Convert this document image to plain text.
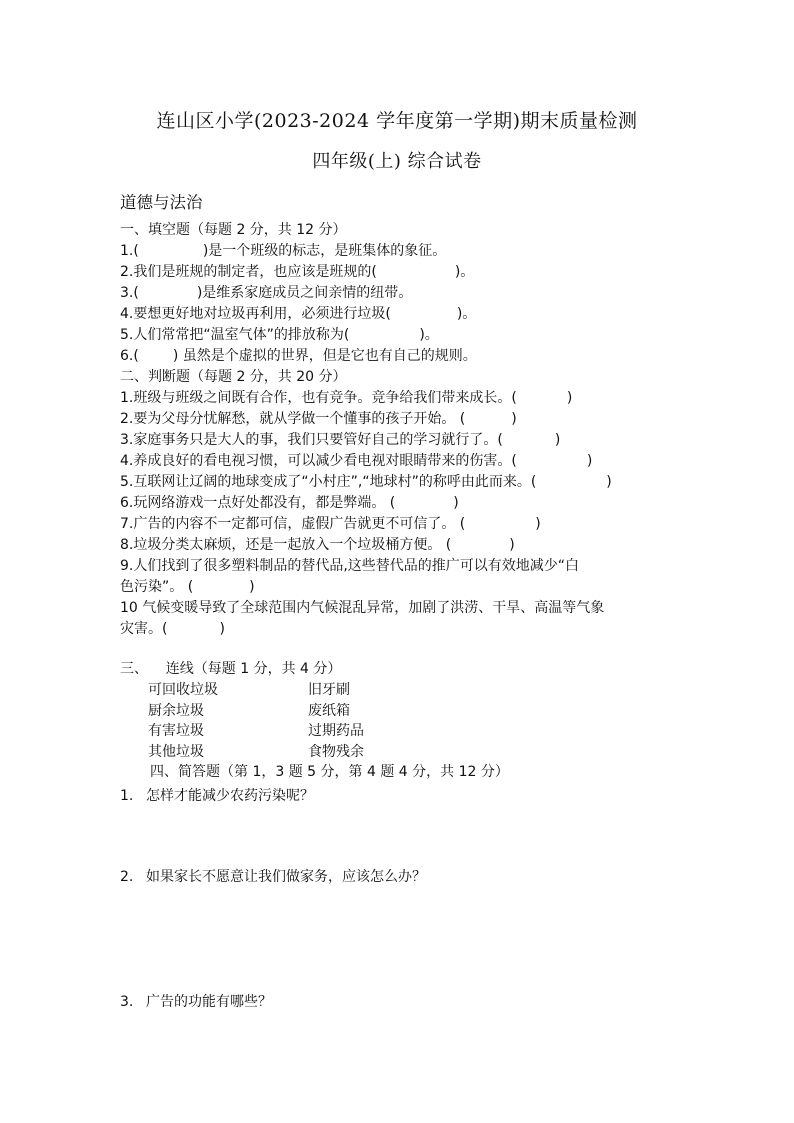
连山区小学(2023-2024 学年度第一学期)期末质量检测
四年级(上) 综合试卷
道德与法治
一、填空题（每题 2 分，共 12 分）
1.(	)是一个班级的标志，是班集体的象征。
2.我们是班规的制定者，也应该是班规的(	)。
3.(	)是维系家庭成员之间亲情的纽带。
4.要想更好地对垃圾再利用，必须进行垃圾(	)。
5.人们常常把“温室气体”的排放称为(	)。
6.( ) 虽然是个虚拟的世界，但是它也有自己的规则。
二、判断题（每题 2 分，共 20 分）
1.班级与班级之间既有合作，也有竞争。竞争给我们带来成长。(	)
2.要为父母分忧解愁，就从学做一个懂事的孩子开始。 (	)
3.家庭事务只是大人的事，我们只要管好自己的学习就行了。(	)
4.养成良好的看电视习惯，可以减少看电视对眼睛带来的伤害。(	)
5.互联网让辽阔的地球变成了“小村庄”,“地球村”的称呼由此而来。(	)
6.玩网络游戏一点好处都没有，都是弊端。 (	)
7.广告的内容不一定都可信，虚假广告就更不可信了。 (	)
8.垃圾分类太麻烦，还是一起放入一个垃圾桶方便。 (	)
9.人们找到了很多塑料制品的替代品,这些替代品的推广可以有效地减少“白
色污染”。 (	)
10 气候变暖导致了全球范围内气候混乱异常，加剧了洪涝、干旱、高温等气象
灾害。(	)
三、    连线（每题 1 分，共 4 分）
可回收垃圾	旧牙刷
厨余垃圾	废纸箱
有害垃圾	过期药品
其他垃圾	食物残余
四、简答题（第 1，3 题 5 分，第 4 题 4 分，共 12 分）
1. 怎样才能减少农药污染呢？
2. 如果家长不愿意让我们做家务，应该怎么办？
3. 广告的功能有哪些？
